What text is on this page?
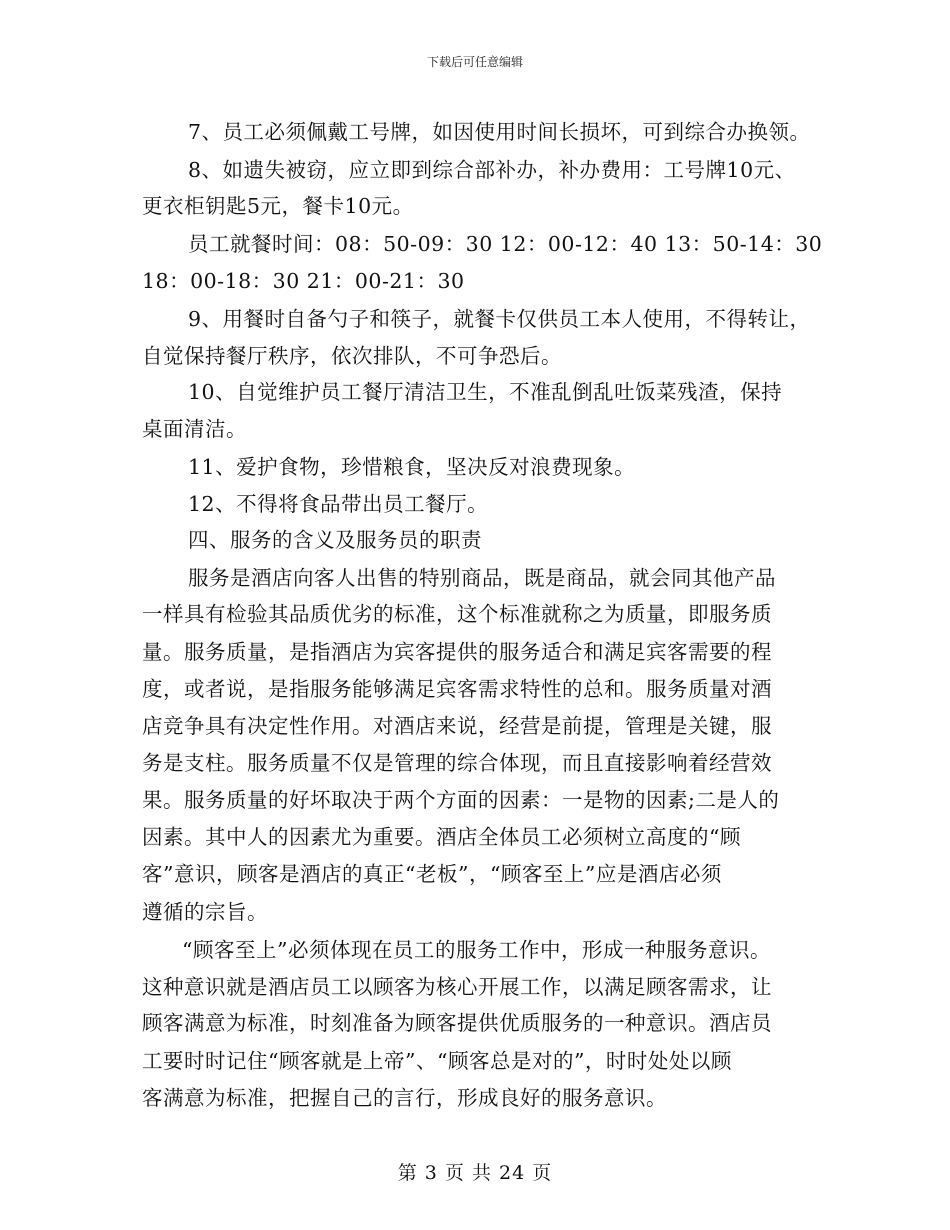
下载后可任意编辑
7、员工必须佩戴工号牌，如因使用时间长损坏，可到综合办换领。
8、如遗失被窃，应立即到综合部补办，补办费用：工号牌10元、
更衣柜钥匙5元，餐卡10元。
员工就餐时间：08：50-09：30 12：00-12：40 13：50-14：30
18：00-18：30 21：00-21：30
9、用餐时自备勺子和筷子，就餐卡仅供员工本人使用，不得转让，
自觉保持餐厅秩序，依次排队，不可争恐后。
10、自觉维护员工餐厅清洁卫生，不准乱倒乱吐饭菜残渣，保持
桌面清洁。
11、爱护食物，珍惜粮食，坚决反对浪费现象。
12、不得将食品带出员工餐厅。
四、服务的含义及服务员的职责
服务是酒店向客人出售的特别商品，既是商品，就会同其他产品
一样具有检验其品质优劣的标准，这个标准就称之为质量，即服务质
量。服务质量，是指酒店为宾客提供的服务适合和满足宾客需要的程
度，或者说，是指服务能够满足宾客需求特性的总和。服务质量对酒
店竞争具有决定性作用。对酒店来说，经营是前提，管理是关键，服
务是支柱。服务质量不仅是管理的综合体现，而且直接影响着经营效
果。服务质量的好坏取决于两个方面的因素：一是物的因素;二是人的
因素。其中人的因素尤为重要。酒店全体员工必须树立高度的“顾
客”意识，顾客是酒店的真正“老板”，“顾客至上”应是酒店必须
遵循的宗旨。
“顾客至上”必须体现在员工的服务工作中，形成一种服务意识。
这种意识就是酒店员工以顾客为核心开展工作，以满足顾客需求，让
顾客满意为标准，时刻准备为顾客提供优质服务的一种意识。酒店员
工要时时记住“顾客就是上帝”、“顾客总是对的”，时时处处以顾
客满意为标准，把握自己的言行，形成良好的服务意识。
第 3 页 共 24 页
